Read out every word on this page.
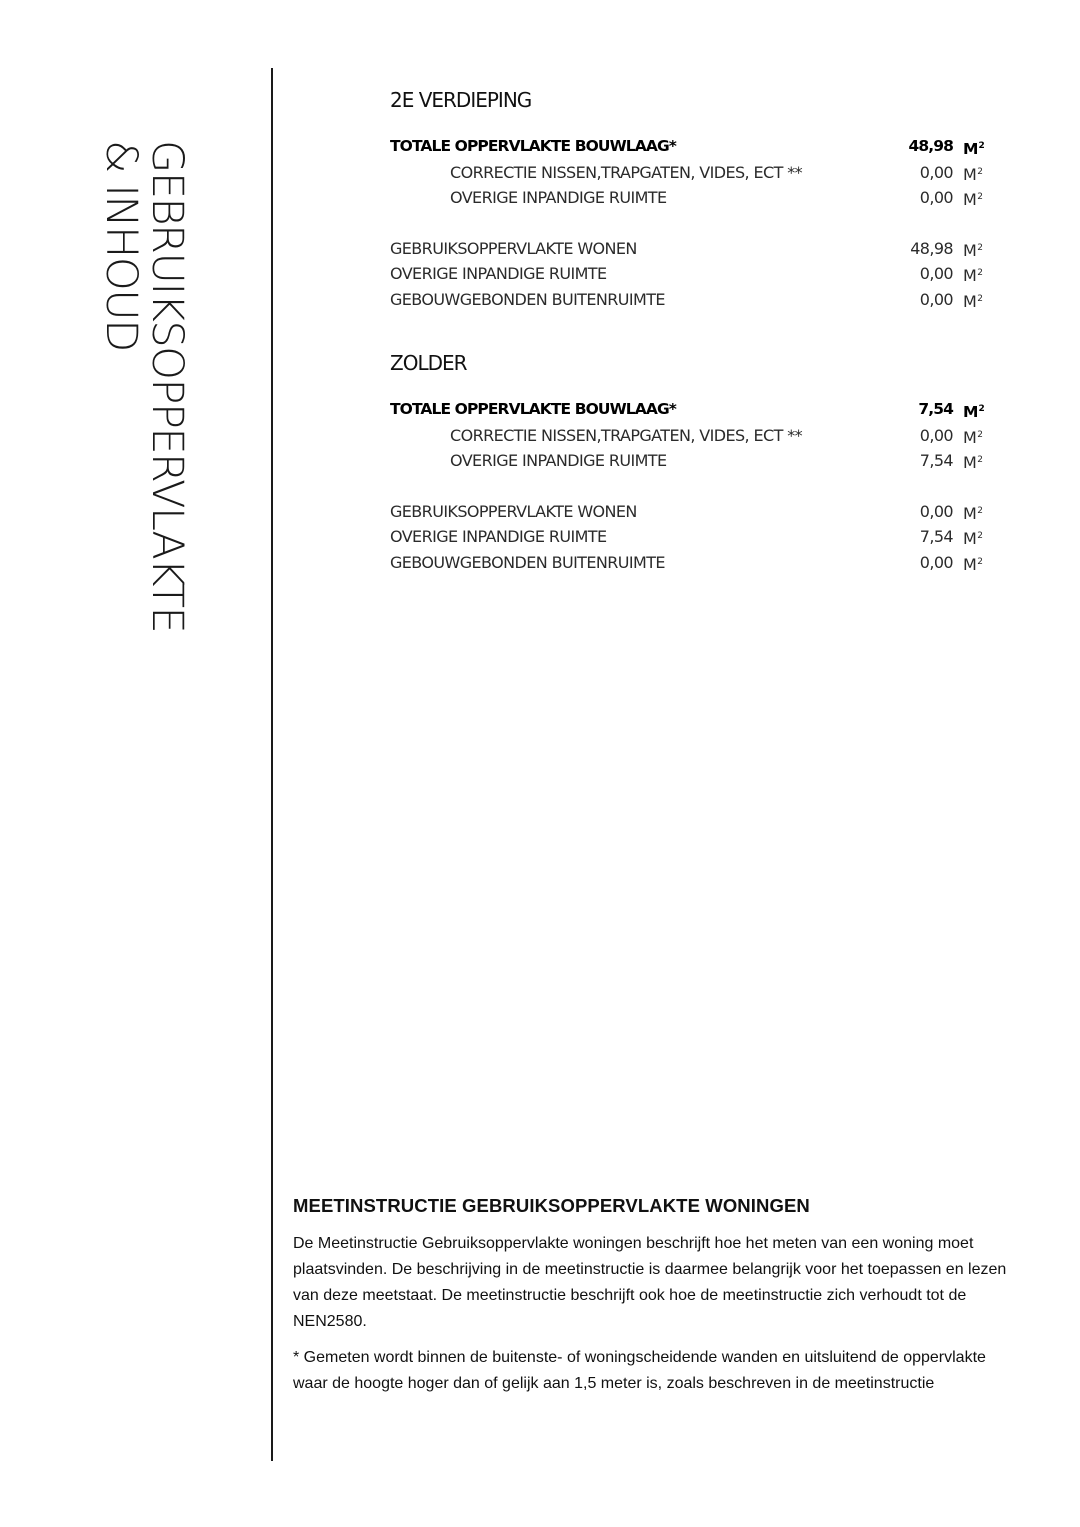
GEBRUIKSOPPERVLAKTE
& INHOUD
2E VERDIEPING
TOTALE OPPERVLAKTE BOUWLAAG*	48,98 $M^2$
CORRECTIE NISSEN,TRAPGATEN, VIDES, ECT **	0,00 $M^2$
OVERIGE INPANDIGE RUIMTE	0,00 $M^2$
GEBRUIKSOPPERVLAKTE WONEN	48,98 $M^2$
OVERIGE INPANDIGE RUIMTE	0,00 $M^2$
GEBOUWGEBONDEN BUITENRUIMTE	0,00 $M^2$
ZOLDER
TOTALE OPPERVLAKTE BOUWLAAG*	7,54 $M^2$
CORRECTIE NISSEN,TRAPGATEN, VIDES, ECT **	0,00 $M^2$
OVERIGE INPANDIGE RUIMTE	7,54 $M^2$
GEBRUIKSOPPERVLAKTE WONEN	0,00 $M^2$
OVERIGE INPANDIGE RUIMTE	7,54 $M^2$
GEBOUWGEBONDEN BUITENRUIMTE	0,00 $M^2$
MEETINSTRUCTIE GEBRUIKSOPPERVLAKTE WONINGEN

De Meetinstructie Gebruiksoppervlakte woningen beschrijft hoe het meten van een woning moet plaatsvinden. De beschrijving in de meetinstructie is daarmee belangrijk voor het toepassen en lezen van deze meetstaat. De meetinstructie beschrijft ook hoe de meetinstructie zich verhoudt tot de NEN2580.

* Gemeten wordt binnen de buitenste- of woningscheidende wanden en uitsluitend de oppervlakte waar de hoogte hoger dan of gelijk aan 1,5 meter is, zoals beschreven in de meetinstructie
